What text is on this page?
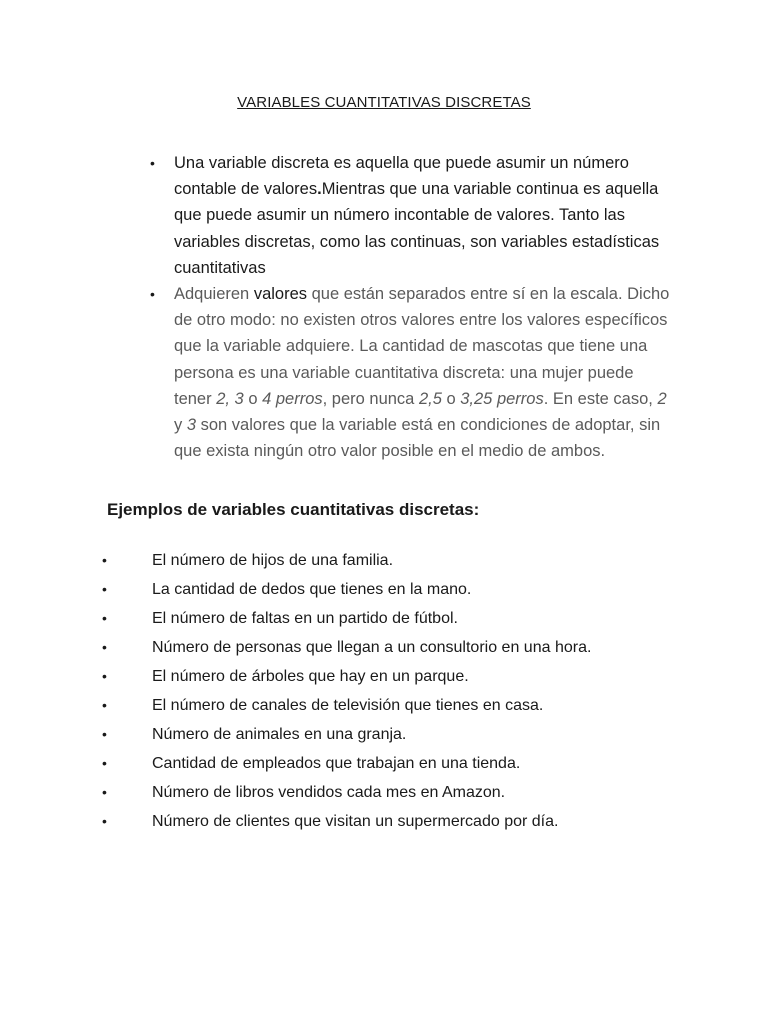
VARIABLES CUANTITATIVAS DISCRETAS
• Una variable discreta es aquella que puede asumir un número contable de valores.Mientras que una variable continua es aquella que puede asumir un número incontable de valores. Tanto las variables discretas, como las continuas, son variables estadísticas cuantitativas
• Adquieren valores que están separados entre sí en la escala. Dicho de otro modo: no existen otros valores entre los valores específicos que la variable adquiere. La cantidad de mascotas que tiene una persona es una variable cuantitativa discreta: una mujer puede tener 2, 3 o 4 perros, pero nunca 2,5 o 3,25 perros. En este caso, 2 y 3 son valores que la variable está en condiciones de adoptar, sin que exista ningún otro valor posible en el medio de ambos.
Ejemplos de variables cuantitativas discretas:
•	El número de hijos de una familia.
•	La cantidad de dedos que tienes en la mano.
•	El número de faltas en un partido de fútbol.
•	Número de personas que llegan a un consultorio en una hora.
•	El número de árboles que hay en un parque.
•	El número de canales de televisión que tienes en casa.
•	Número de animales en una granja.
•	Cantidad de empleados que trabajan en una tienda.
•	Número de libros vendidos cada mes en Amazon.
•	Número de clientes que visitan un supermercado por día.
